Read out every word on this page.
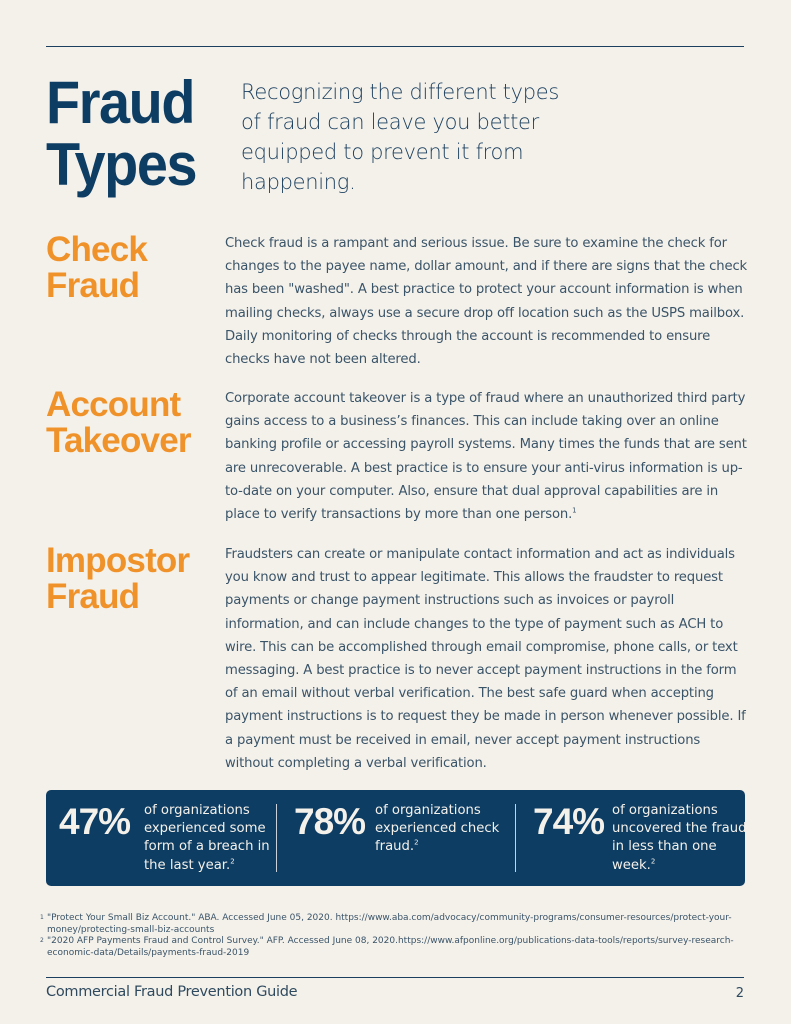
Fraud
Types

Recognizing the different types of fraud can leave you better equipped to prevent it from happening.

Check
Fraud

Check fraud is a rampant and serious issue. Be sure to examine the check for changes to the payee name, dollar amount, and if there are signs that the check has been "washed". A best practice to protect your account information is when mailing checks, always use a secure drop off location such as the USPS mailbox. Daily monitoring of checks through the account is recommended to ensure checks have not been altered.

Account
Takeover

Corporate account takeover is a type of fraud where an unauthorized third party gains access to a business’s finances. This can include taking over an online banking profile or accessing payroll systems. Many times the funds that are sent are unrecoverable. A best practice is to ensure your anti-virus information is up-to-date on your computer. Also, ensure that dual approval capabilities are in place to verify transactions by more than one person.$^1$

Impostor
Fraud

Fraudsters can create or manipulate contact information and act as individuals you know and trust to appear legitimate. This allows the fraudster to request payments or change payment instructions such as invoices or payroll information, and can include changes to the type of payment such as ACH to wire. This can be accomplished through email compromise, phone calls, or text messaging. A best practice is to never accept payment instructions in the form of an email without verbal verification. The best safe guard when accepting payment instructions is to request they be made in person whenever possible. If a payment must be received in email, never accept payment instructions without completing a verbal verification.

47% of organizations experienced some form of a breach in the last year.$^2$
78% of organizations experienced check fraud.$^2$
74% of organizations uncovered the fraud in less than one week.$^2$
1 "Protect Your Small Biz Account." ABA. Accessed June 05, 2020. https://www.aba.com/advocacy/community-programs/consumer-resources/protect-your-money/protecting-small-biz-accounts
2 "2020 AFP Payments Fraud and Control Survey." AFP. Accessed June 08, 2020.https://www.afponline.org/publications-data-tools/reports/survey-research-economic-data/Details/payments-fraud-2019
Commercial Fraud Prevention Guide	2
